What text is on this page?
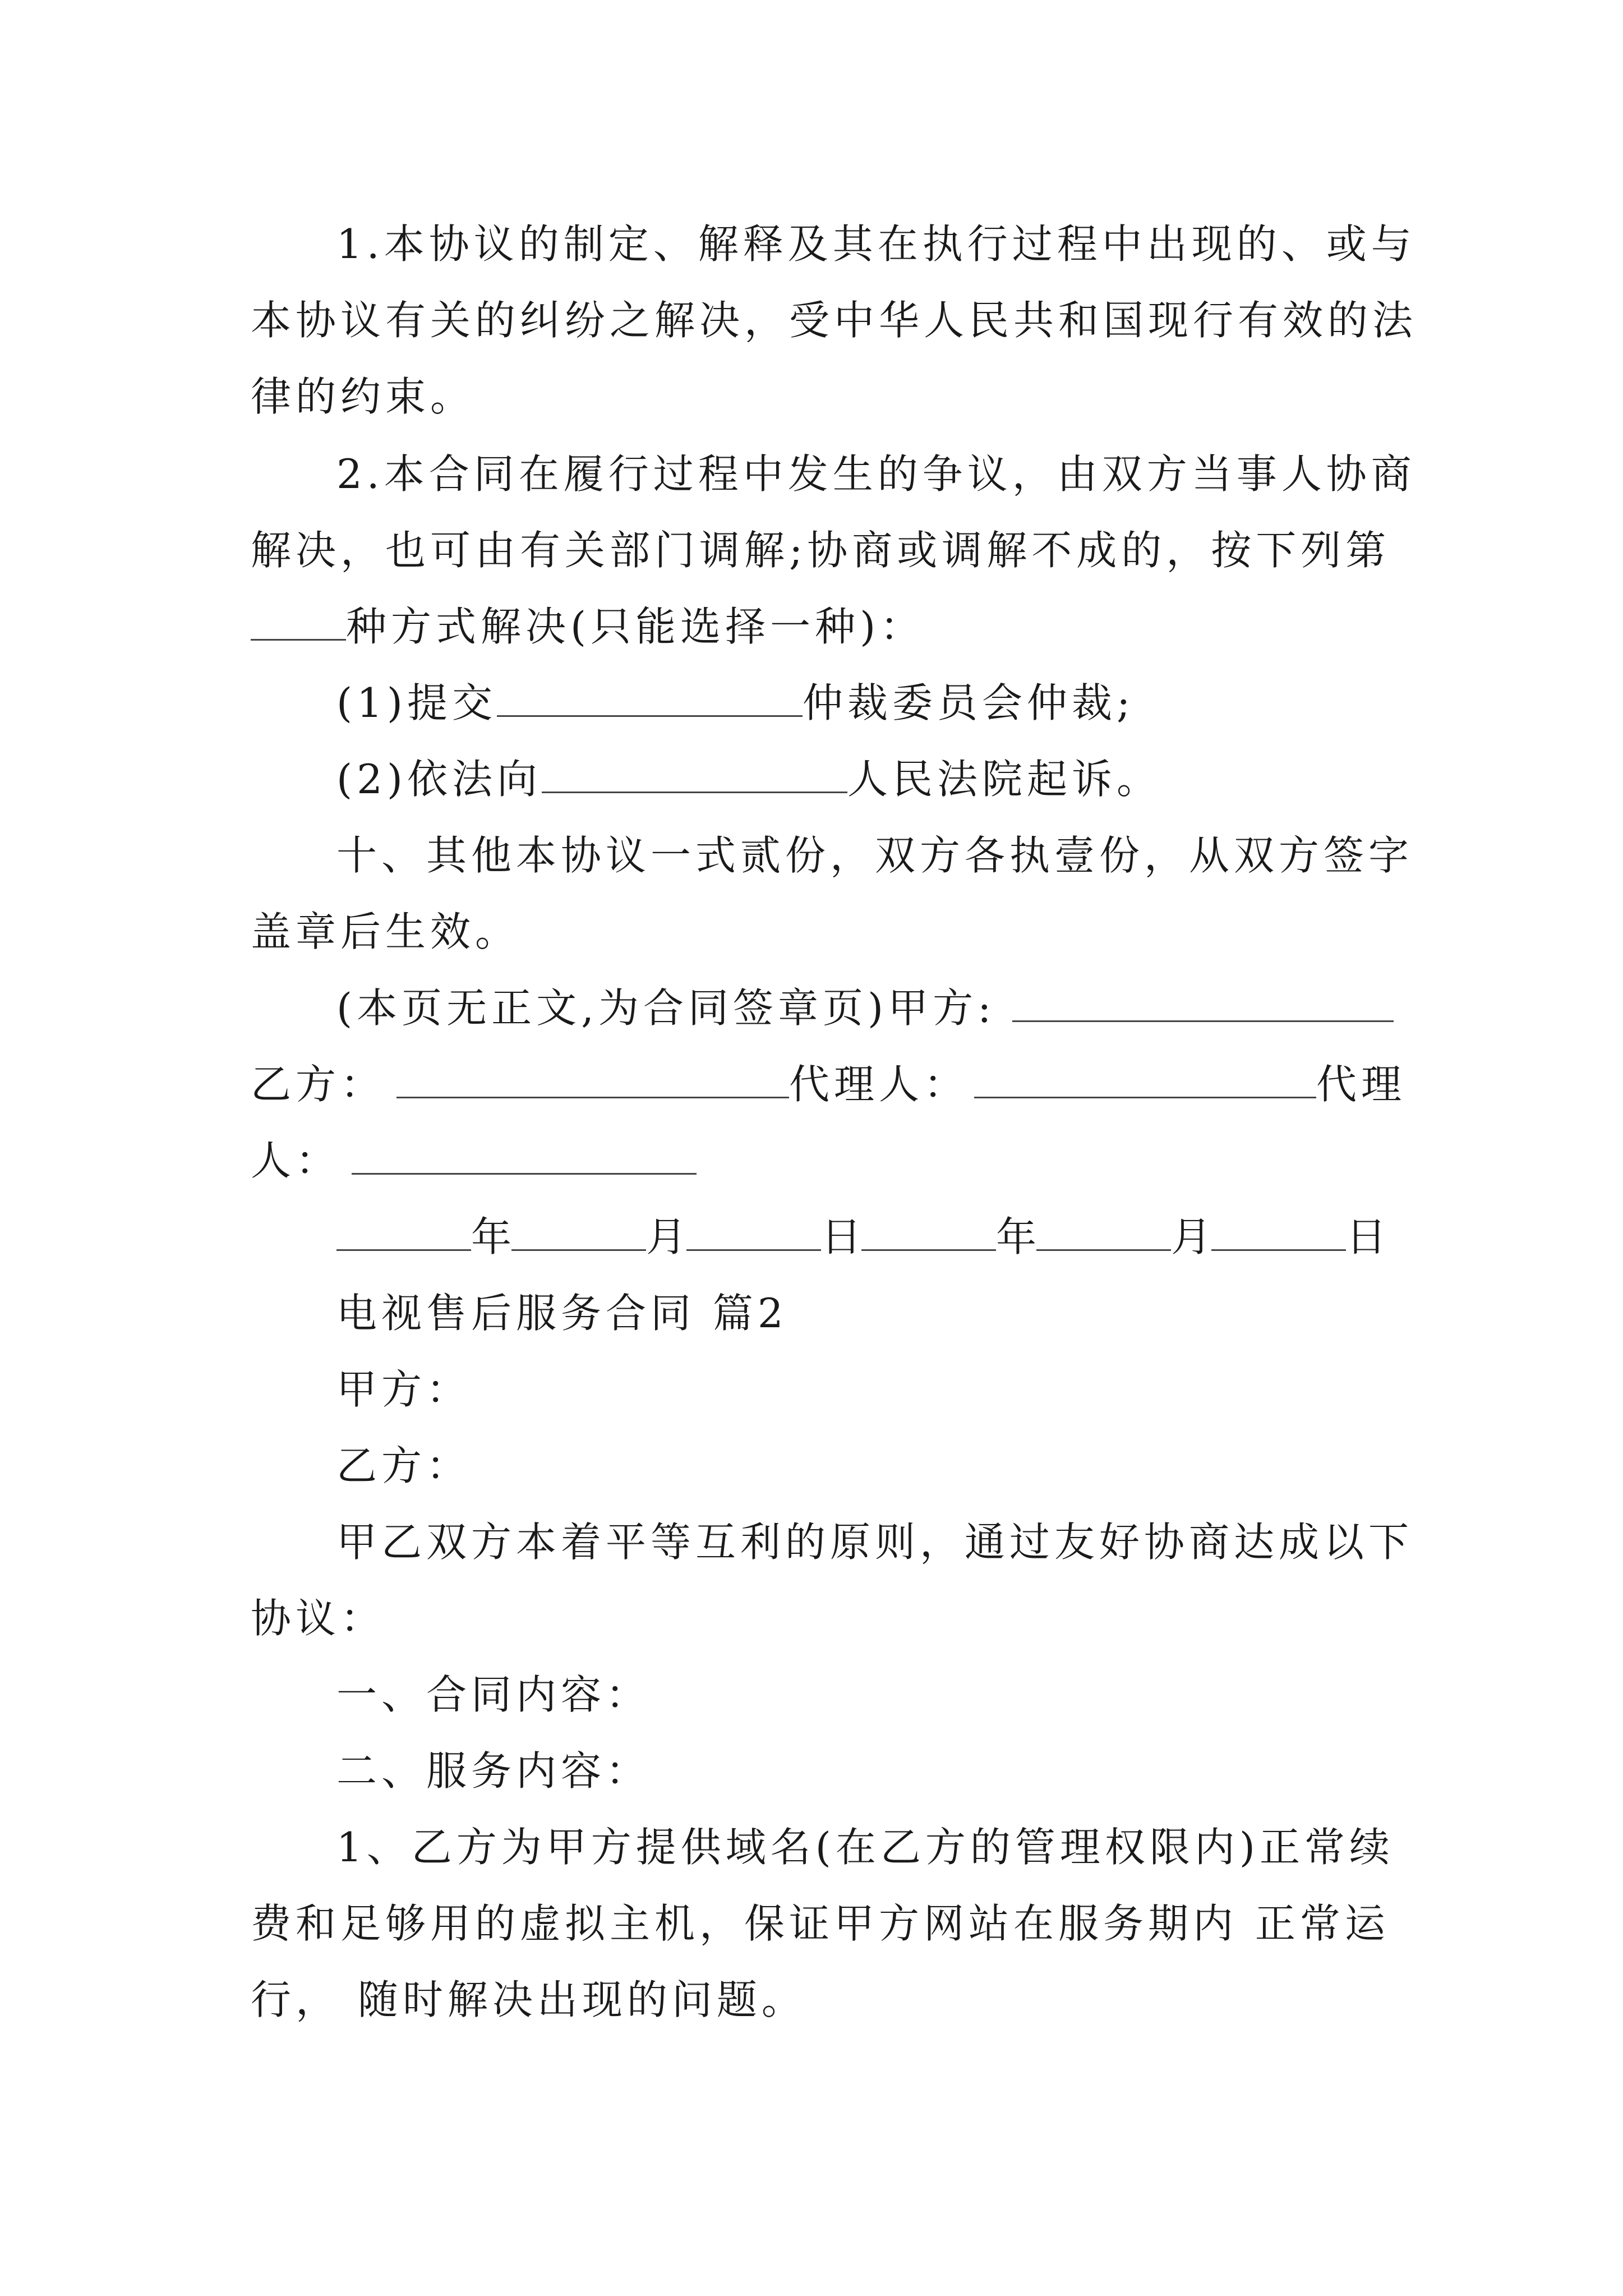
1.本协议的制定、解释及其在执行过程中出现的、或与
本协议有关的纠纷之解决，受中华人民共和国现行有效的法
律的约束。
2.本合同在履行过程中发生的争议，由双方当事人协商
解决，也可由有关部门调解;协商或调解不成的，按下列第
种方式解决(只能选择一种)：
(1)提交	仲裁委员会仲裁;
(2)依法向	人民法院起诉。
十、其他本协议一式贰份，双方各执壹份，从双方签字
盖章后生效。
(本页无正文,为合同签章页)甲方:
乙方：	代理人：	代理
人：
年	月	日	年	月	日
电视售后服务合同 篇2
甲方：
乙方：
甲乙双方本着平等互利的原则，通过友好协商达成以下
协议：
一、合同内容：
二、服务内容：
1、乙方为甲方提供域名(在乙方的管理权限内)正常续
费和足够用的虚拟主机，保证甲方网站在服务期内 正常运
行， 随时解决出现的问题。
